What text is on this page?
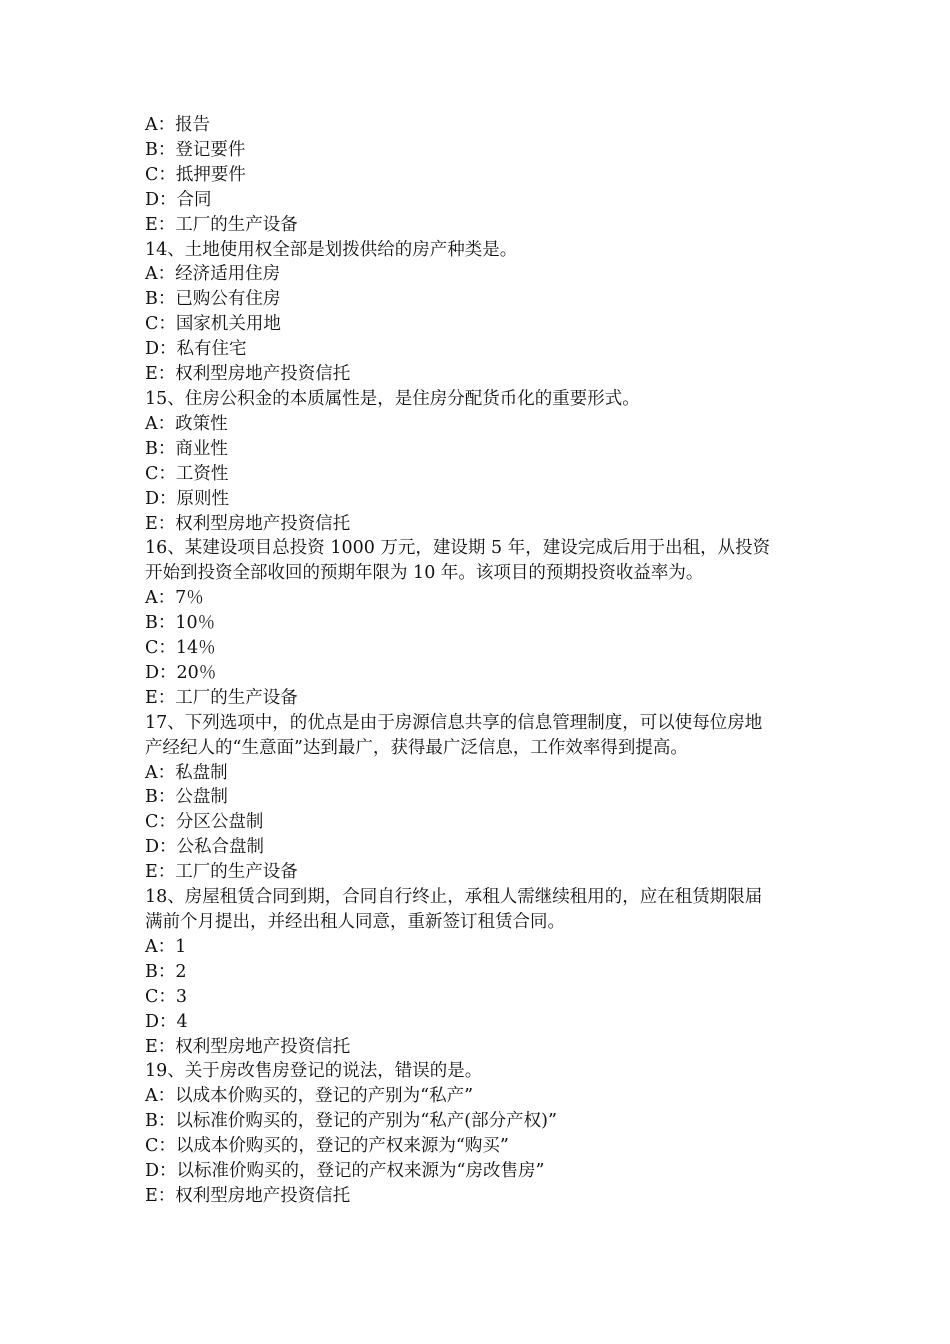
A：报告
B：登记要件
C：抵押要件
D：合同
E：工厂的生产设备
14、土地使用权全部是划拨供给的房产种类是。
A：经济适用住房
B：已购公有住房
C：国家机关用地
D：私有住宅
E：权利型房地产投资信托
15、住房公积金的本质属性是，是住房分配货币化的重要形式。
A：政策性
B：商业性
C：工资性
D：原则性
E：权利型房地产投资信托
16、某建设项目总投资 1000 万元，建设期 5 年，建设完成后用于出租，从投资
开始到投资全部收回的预期年限为 10 年。该项目的预期投资收益率为。
A：7％
B：10％
C：14％
D：20％
E：工厂的生产设备
17、下列选项中，的优点是由于房源信息共享的信息管理制度，可以使每位房地
产经纪人的“生意面”达到最广，获得最广泛信息，工作效率得到提高。
A：私盘制
B：公盘制
C：分区公盘制
D：公私合盘制
E：工厂的生产设备
18、房屋租赁合同到期，合同自行终止，承租人需继续租用的，应在租赁期限届
满前个月提出，并经出租人同意，重新签订租赁合同。
A：1
B：2
C：3
D：4
E：权利型房地产投资信托
19、关于房改售房登记的说法，错误的是。
A：以成本价购买的，登记的产别为“私产”
B：以标准价购买的，登记的产别为“私产(部分产权)”
C：以成本价购买的，登记的产权来源为“购买”
D：以标准价购买的，登记的产权来源为“房改售房”
E：权利型房地产投资信托
